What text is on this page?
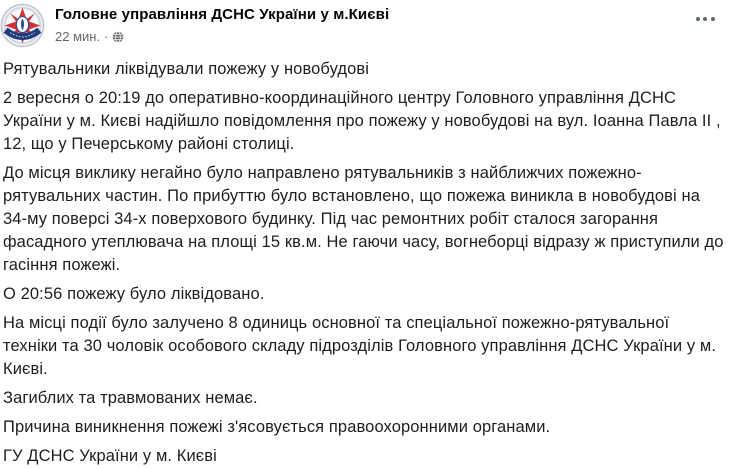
Головне управління ДСНС України у м.Києві
22 мин. ·

Рятувальники ліквідували пожежу у новобудові

2 вересня о 20:19 до оперативно-координаційного центру Головного управління ДСНС
України у м. Києві надійшло повідомлення про пожежу у новобудові на вул. Іоанна Павла ІІ ,
12, що у Печерському районі столиці.

До місця виклику негайно було направлено рятувальників з найближчих пожежно-
рятувальних частин. По прибуттю було встановлено, що пожежа виникла в новобудові на
34-му поверсі 34-х поверхового будинку. Під час ремонтних робіт сталося загорання
фасадного утеплювача на площі 15 кв.м. Не гаючи часу, вогнеборці відразу ж приступили до
гасіння пожежі.

О 20:56 пожежу було ліквідовано.

На місці події було залучено 8 одиниць основної та спеціальної пожежно-рятувальної
техніки та 30 чоловік особового складу підрозділів Головного управління ДСНС України у м.
Києві.

Загиблих та травмованих немає.

Причина виникнення пожежі з'ясовується правоохоронними органами.

ГУ ДСНС України у м. Києві
